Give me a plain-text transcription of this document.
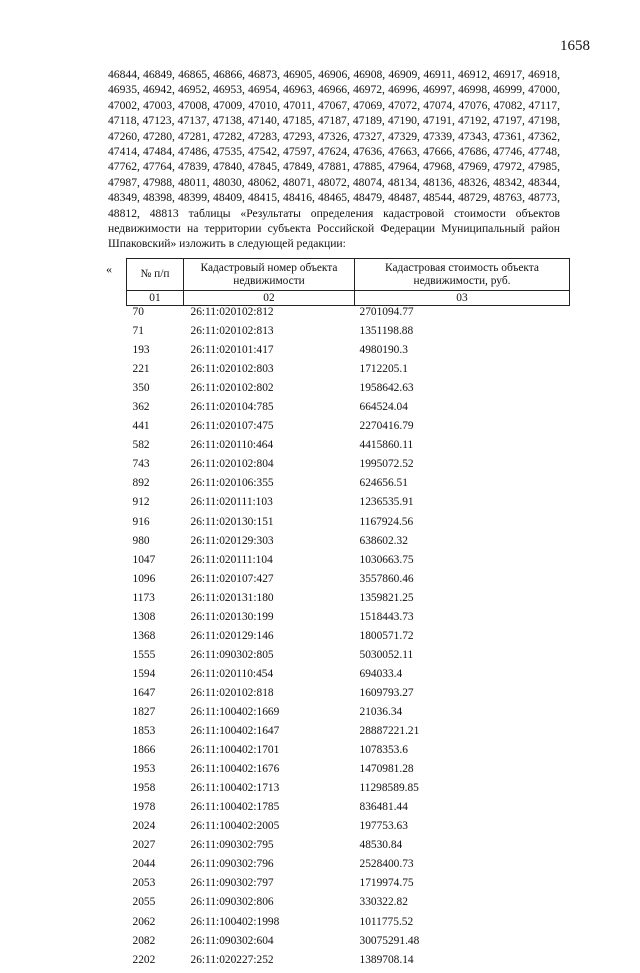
1658

46844, 46849, 46865, 46866, 46873, 46905, 46906, 46908, 46909, 46911, 46912, 46917, 46918, 46935, 46942, 46952, 46953, 46954, 46963, 46966, 46972, 46996, 46997, 46998, 46999, 47000, 47002, 47003, 47008, 47009, 47010, 47011, 47067, 47069, 47072, 47074, 47076, 47082, 47117, 47118, 47123, 47137, 47138, 47140, 47185, 47187, 47189, 47190, 47191, 47192, 47197, 47198, 47260, 47280, 47281, 47282, 47283, 47293, 47326, 47327, 47329, 47339, 47343, 47361, 47362, 47414, 47484, 47486, 47535, 47542, 47597, 47624, 47636, 47663, 47666, 47686, 47746, 47748, 47762, 47764, 47839, 47840, 47845, 47849, 47881, 47885, 47964, 47968, 47969, 47972, 47985, 47987, 47988, 48011, 48030, 48062, 48071, 48072, 48074, 48134, 48136, 48326, 48342, 48344, 48349, 48398, 48399, 48409, 48415, 48416, 48465, 48479, 48487, 48544, 48729, 48763, 48773, 48812, 48813 таблицы «Результаты определения кадастровой стоимости объектов недвижимости на территории субъекта Российской Федерации Муниципальный район Шпаковский» изложить в следующей редакции:

« № п/п	Кадастровый номер объекта недвижимости	Кадастровая стоимость объекта недвижимости, руб.
01	02	03
70	26:11:020102:812	2701094.77
71	26:11:020102:813	1351198.88
193	26:11:020101:417	4980190.3
221	26:11:020102:803	1712205.1
350	26:11:020102:802	1958642.63
362	26:11:020104:785	664524.04
441	26:11:020107:475	2270416.79
582	26:11:020110:464	4415860.11
743	26:11:020102:804	1995072.52
892	26:11:020106:355	624656.51
912	26:11:020111:103	1236535.91
916	26:11:020130:151	1167924.56
980	26:11:020129:303	638602.32
1047	26:11:020111:104	1030663.75
1096	26:11:020107:427	3557860.46
1173	26:11:020131:180	1359821.25
1308	26:11:020130:199	1518443.73
1368	26:11:020129:146	1800571.72
1555	26:11:090302:805	5030052.11
1594	26:11:020110:454	694033.4
1647	26:11:020102:818	1609793.27
1827	26:11:100402:1669	21036.34
1853	26:11:100402:1647	28887221.21
1866	26:11:100402:1701	1078353.6
1953	26:11:100402:1676	1470981.28
1958	26:11:100402:1713	11298589.85
1978	26:11:100402:1785	836481.44
2024	26:11:100402:2005	197753.63
2027	26:11:090302:795	48530.84
2044	26:11:090302:796	2528400.73
2053	26:11:090302:797	1719974.75
2055	26:11:090302:806	330322.82
2062	26:11:100402:1998	1011775.52
2082	26:11:090302:604	30075291.48
2202	26:11:020227:252	1389708.14
